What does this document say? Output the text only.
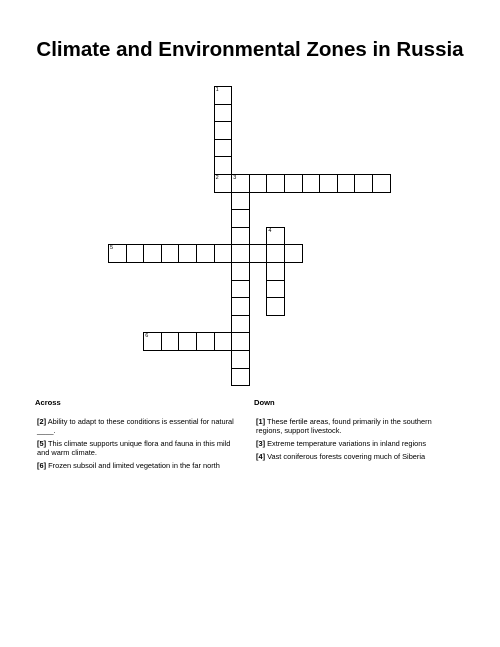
Climate and Environmental Zones in Russia
1
2	3
4
5
6
Across
[2] Ability to adapt to these conditions is essential for natural ____.
[5] This climate supports unique flora and fauna in this mild and warm climate.
[6] Frozen subsoil and limited vegetation in the far north
Down
[1] These fertile areas, found primarily in the southern regions, support livestock.
[3] Extreme temperature variations in inland regions
[4] Vast coniferous forests covering much of Siberia
